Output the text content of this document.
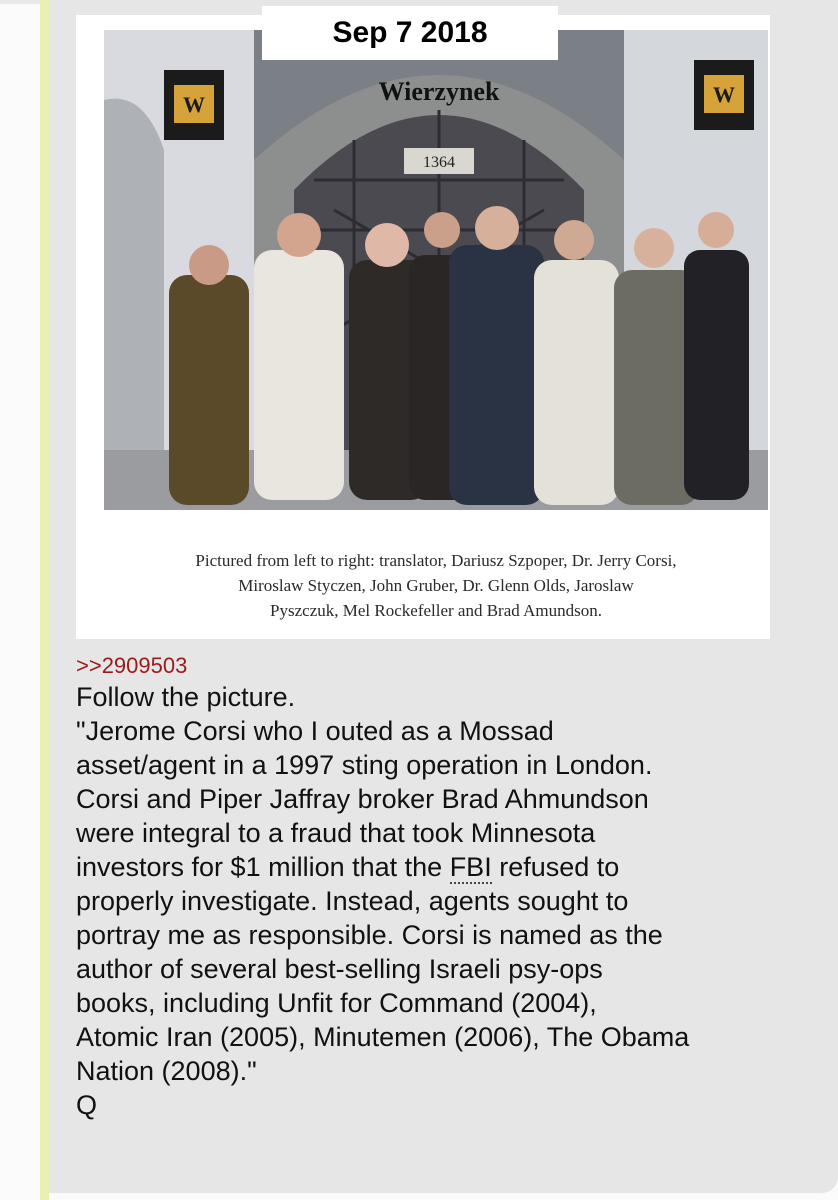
1364
Wierzynek
W	W
Sep 7 2018
Pictured from left to right: translator, Dariusz Szpoper, Dr. Jerry Corsi,
Miroslaw Styczen, John Gruber, Dr. Glenn Olds, Jaroslaw
Pyszczuk, Mel Rockefeller and Brad Amundson.
>>2909503
Follow the picture.
"Jerome Corsi who I outed as a Mossad
asset/agent in a 1997 sting operation in London.
Corsi and Piper Jaffray broker Brad Ahmundson
were integral to a fraud that took Minnesota
investors for $1 million that the FBI refused to
properly investigate. Instead, agents sought to
portray me as responsible. Corsi is named as the
author of several best-selling Israeli psy-ops
books, including Unfit for Command (2004),
Atomic Iran (2005), Minutemen (2006), The Obama
Nation (2008)."
Q
